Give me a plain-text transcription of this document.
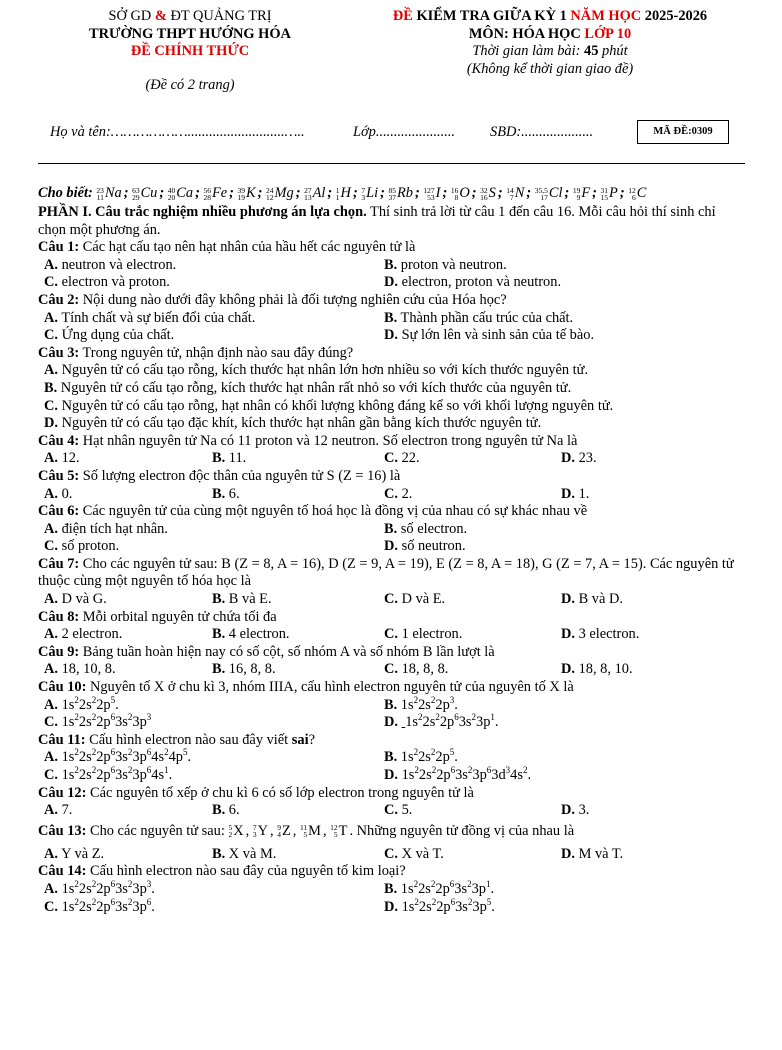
SỞ GD & ĐT QUẢNG TRỊ
TRƯỜNG THPT HƯỚNG HÓA
ĐỀ CHÍNH THỨC
(Đề có 2 trang)
ĐỀ KIỂM TRA GIỮA KỲ 1 NĂM HỌC 2025-2026
MÔN: HÓA HỌC LỚP 10
Thời gian làm bài: 45 phút
(Không kể thời gian giao đề)
Họ và tên:………………...........................…..	Lớp...................... SBD:....................	MÃ ĐỀ:0309
Cho biết: 23
11 Na ; 63
29 Cu ; 40
20 Ca ; 56
28 Fe ; 39
19 K ; 24
12 Mg ; 27
13 Al ; 1
1 H ; 7
3 Li ; 85
37 Rb ; 127
53 I ; 16
8 O ; 32
16 S ; 14
7 N ; 35,5
17 Cl ; 19
9 F ; 31
15 P ; 12
6 C
PHẦN I. Câu trắc nghiệm nhiều phương án lựa chọn. Thí sinh trả lời từ câu 1 đến câu 16. Mỗi câu hỏi thí sinh chỉ chọn một phương án.
Câu 1: Các hạt cấu tạo nên hạt nhân của hầu hết các nguyên tử là
A. neutron và electron.	B. proton và neutron.
C. electron và proton.	D. electron, proton và neutron.
Câu 2: Nội dung nào dưới đây không phải là đối tượng nghiên cứu của Hóa học?
A. Tính chất và sự biến đổi của chất.	B. Thành phần cấu trúc của chất.
C. Ứng dụng của chất.	D. Sự lớn lên và sinh sản của tế bào.
Câu 3: Trong nguyên tử, nhận định nào sau đây đúng?
A. Nguyên tử có cấu tạo rỗng, kích thước hạt nhân lớn hơn nhiều so với kích thước nguyên tử.
B. Nguyên tử có cấu tạo rỗng, kích thước hạt nhân rất nhỏ so với kích thước của nguyên tử.
C. Nguyên tử có cấu tạo rỗng, hạt nhân có khối lượng không đáng kể so với khối lượng nguyên tử.
D. Nguyên tử có cấu tạo đặc khít, kích thước hạt nhân gần bằng kích thước nguyên tử.
Câu 4: Hạt nhân nguyên tử Na có 11 proton và 12 neutron. Số electron trong nguyên tử Na là
A. 12.	B. 11.	C. 22.	D. 23.
Câu 5: Số lượng electron độc thân của nguyên tử S (Z = 16) là
A. 0.	B. 6.	C. 2.	D. 1.
Câu 6: Các nguyên tử của cùng một nguyên tố hoá học là đồng vị của nhau có sự khác nhau về
A. điện tích hạt nhân.	B. số electron.
C. số proton.	D. số neutron.
Câu 7: Cho các nguyên tử sau: B (Z = 8, A = 16), D (Z = 9, A = 19), E (Z = 8, A = 18), G (Z = 7, A = 15). Các nguyên tử thuộc cùng một nguyên tố hóa học là
A. D và G.	B. B và E.	C. D và E.	D. B và D.
Câu 8: Mỗi orbital nguyên tử chứa tối đa
A. 2 electron.	B. 4 electron.	C. 1 electron.	D. 3 electron.
Câu 9: Bảng tuần hoàn hiện nay có số cột, số nhóm A và số nhóm B lần lượt là
A. 18, 10, 8.	B. 16, 8, 8.	C. 18, 8, 8.	D. 18, 8, 10.
Câu 10: Nguyên tố X ở chu kì 3, nhóm IIIA, cấu hình electron nguyên tử của nguyên tố X là
A. $1s^22s^22p^5$.	B. $1s^22s^22p^3$.
C. $1s^22s^22p^63s^23p^3$	D. $1s^22s^22p^63s^23p^1$.
Câu 11: Cấu hình electron nào sau đây viết sai?
A. $1s^22s^22p^63s^23p^64s^24p^5$.	B. $1s^22s^22p^5$.
C. $1s^22s^22p^63s^23p^64s^1$.	D. $1s^22s^22p^63s^23p^63d^34s^2$.
Câu 12: Các nguyên tố xếp ở chu kì 6 có số lớp electron trong nguyên tử là
A. 7.	B. 6.	C. 5.	D. 3.
Câu 13: Cho các nguyên tử sau: 5
2 X , 7
3 Y , 9
4 Z , 11
5 M , 12
5 T . Những nguyên tử đồng vị của nhau là
A. Y và Z.	B. X và M.	C. X và T.	D. M và T.
Câu 14: Cấu hình electron nào sau đây của nguyên tố kim loại?
A. $1s^22s^22p^63s^23p^3$.	B. $1s^22s^22p^63s^23p^1$.
C. $1s^22s^22p^63s^23p^6$.	D. $1s^22s^22p^63s^23p^5$.
